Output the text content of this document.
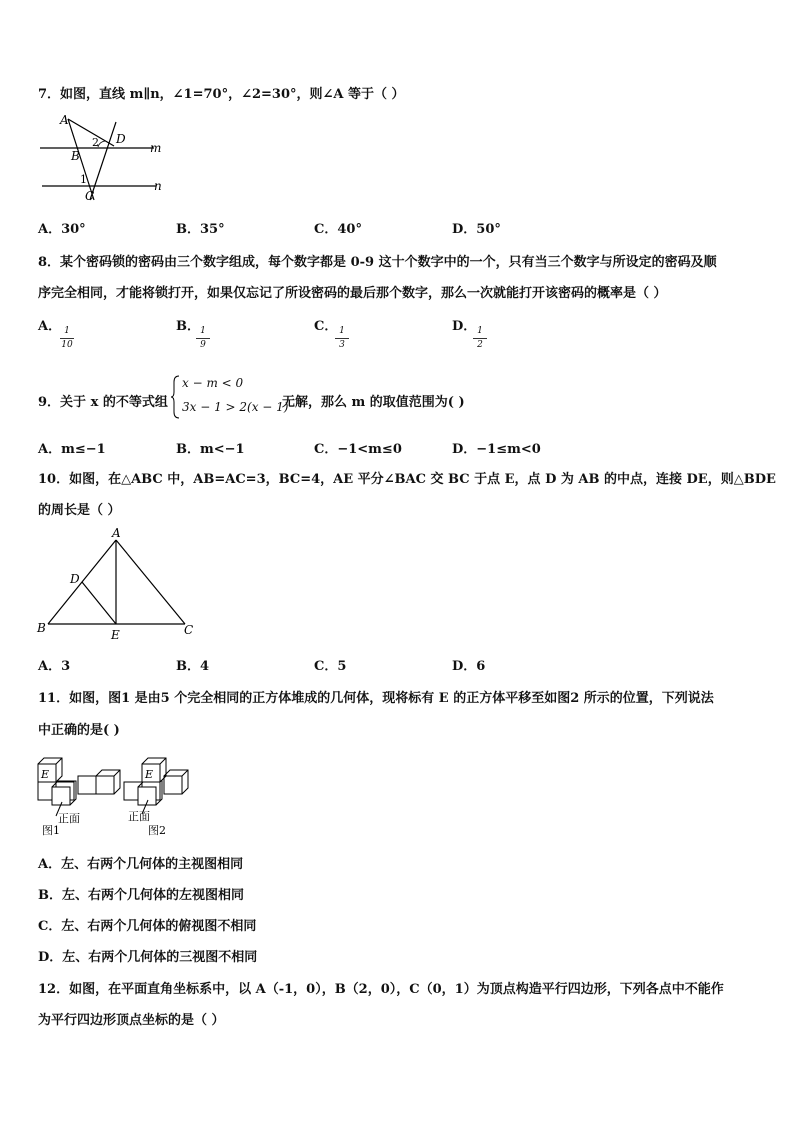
7．如图，直线 m∥n，∠1=70°，∠2=30°，则∠A 等于（ ）
A
B
C
D
m
n
1
2
A．30°	B．35°	C．40°	D．50°
8．某个密码锁的密码由三个数字组成，每个数字都是 0-9 这十个数字中的一个，只有当三个数字与所设定的密码及顺
序完全相同，才能将锁打开，如果仅忘记了所设密码的最后那个数字，那么一次就能打开该密码的概率是（ ）
A． 1
10
B． 1
9
C． 1
3
D． 1
2
9．关于 x 的不等式组
x − m < 0
3x − 1 > 2(x − 1)
无解，那么 m 的取值范围为( )
A．m≤−1	B．m<−1	C．−1<m≤0	D．−1≤m<0
10．如图，在△ABC 中，AB=AC=3，BC=4，AE 平分∠BAC 交 BC 于点 E，点 D 为 AB 的中点，连接 DE，则△BDE
的周长是（ ）
A
B	C
D
E
A．3	B．4	C．5	D．6
11．如图，图1 是由5 个完全相同的正方体堆成的几何体，现将标有 E 的正方体平移至如图2 所示的位置，下列说法
中正确的是( )
E	E
正面	正面
图1	图2
A．左、右两个几何体的主视图相同
B．左、右两个几何体的左视图相同
C．左、右两个几何体的俯视图不相同
D．左、右两个几何体的三视图不相同
12．如图，在平面直角坐标系中，以 A（-1，0），B（2，0），C（0，1）为顶点构造平行四边形，下列各点中不能作
为平行四边形顶点坐标的是（ ）
